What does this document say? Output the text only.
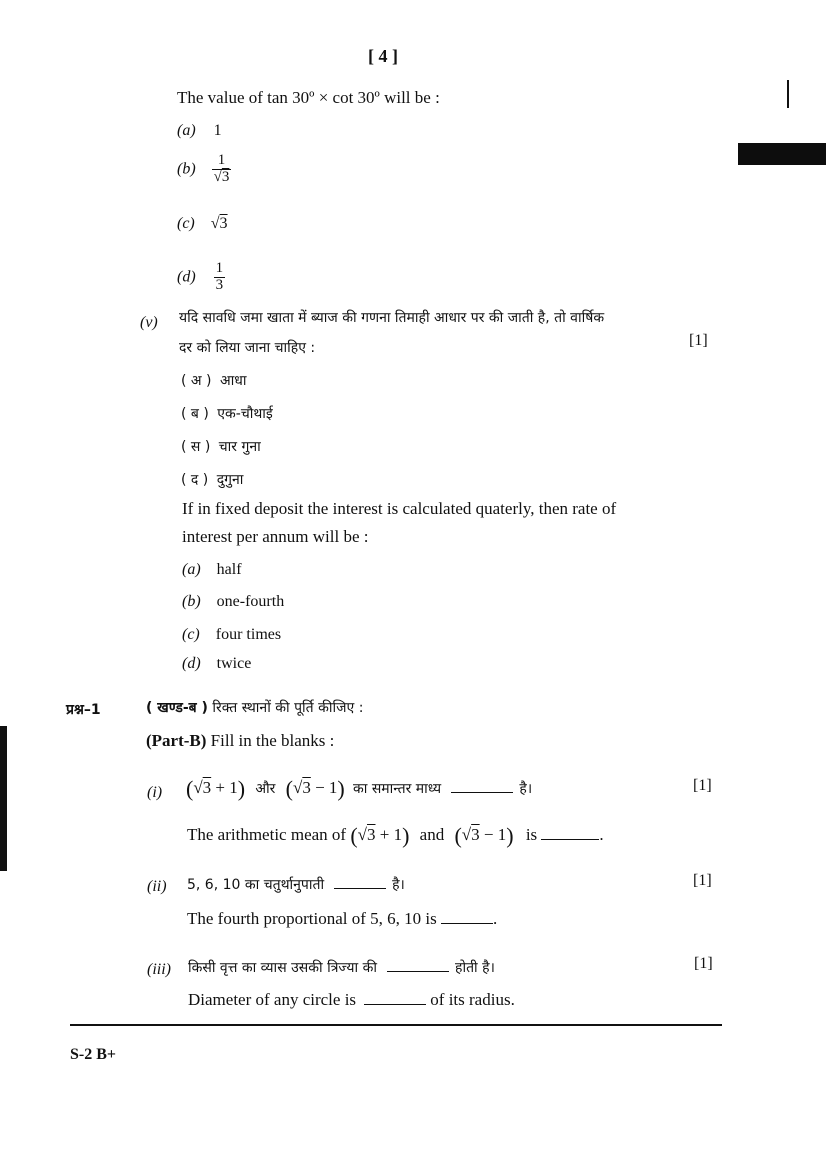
[ 4 ]
The value of tan 30º × cot 30º will be :
(a) 1
$(b) \frac{1}{√3}$
(c) √3
$(d) \frac{1}{3}$
(v) यदि सावधि जमा खाता में ब्याज की गणना तिमाही आधार पर की जाती है, तो वार्षिक
दर को लिया जाना चाहिए :	[1]
( अ ) आधा
( ब ) एक-चौथाई
( स ) चार गुना
( द ) दुगुना
If in fixed deposit the interest is calculated quaterly, then rate of
interest per annum will be :
(a) half
(b) one-fourth
(c) four times
(d) twice
प्रश्न–1	( खण्ड-ब ) रिक्त स्थानों की पूर्ति कीजिए :
(Part-B) Fill in the blanks :
(i) (√3 + 1) और (√3 − 1) का समान्तर माध्य	है।	[1]
The arithmetic mean of (√3 + 1) and (√3 − 1) is	.
(ii) 5, 6, 10 का चतुर्थानुपाती	है।	[1]
The fourth proportional of 5, 6, 10 is	.
(iii) किसी वृत्त का व्यास उसकी त्रिज्या की	होती है।	[1]
Diameter of any circle is	of its radius.
S-2 B+
